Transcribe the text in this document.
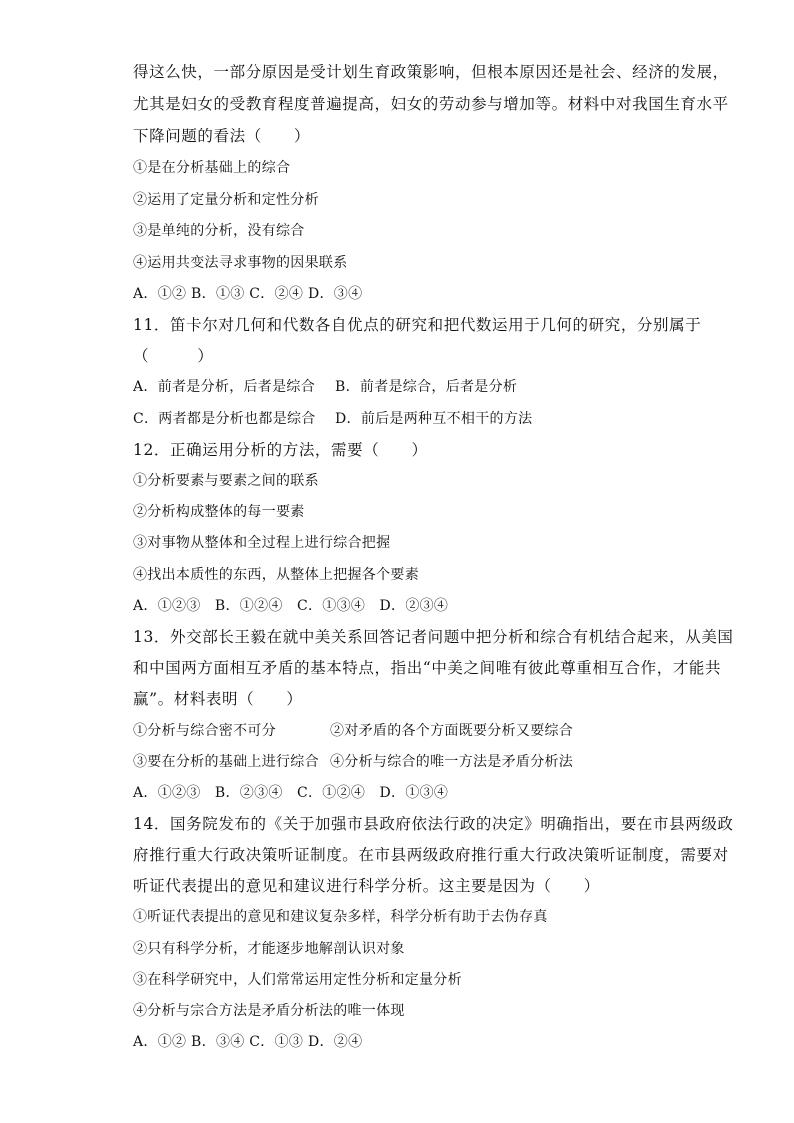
得这么快，一部分原因是受计划生育政策影响，但根本原因还是社会、经济的发展，
尤其是妇女的受教育程度普遍提高，妇女的劳动参与增加等。材料中对我国生育水平
下降问题的看法（　　）
①是在分析基础上的综合
②运用了定量分析和定性分析
③是单纯的分析，没有综合
④运用共变法寻求事物的因果联系
A．①② B．①③ C．②④ D．③④
11．笛卡尔对几何和代数各自优点的研究和把代数运用于几何的研究，分别属于
（　　　）
A．前者是分析，后者是综合 B．前者是综合，后者是分析
C．两者都是分析也都是综合 D．前后是两种互不相干的方法
12．正确运用分析的方法，需要（　　）
①分析要素与要素之间的联系
②分析构成整体的每一要素
③对事物从整体和全过程上进行综合把握
④找出本质性的东西，从整体上把握各个要素
A．①②③　B．①②④　C．①③④　D．②③④
13．外交部长王毅在就中美关系回答记者问题中把分析和综合有机结合起来，从美国
和中国两方面相互矛盾的基本特点，指出“中美之间唯有彼此尊重相互合作，才能共
赢”。材料表明（　　）
①分析与综合密不可分	②对矛盾的各个方面既要分析又要综合
③要在分析的基础上进行综合 ④分析与综合的唯一方法是矛盾分析法
A．①②③　B．②③④　C．①②④　D．①③④
14．国务院发布的《关于加强市县政府依法行政的决定》明确指出，要在市县两级政
府推行重大行政决策听证制度。在市县两级政府推行重大行政决策听证制度，需要对
听证代表提出的意见和建议进行科学分析。这主要是因为（　　）
①听证代表提出的意见和建议复杂多样，科学分析有助于去伪存真
②只有科学分析，才能逐步地解剖认识对象
③在科学研究中，人们常常运用定性分析和定量分析
④分析与宗合方法是矛盾分析法的唯一体现
A．①② B．③④ C．①③ D．②④
